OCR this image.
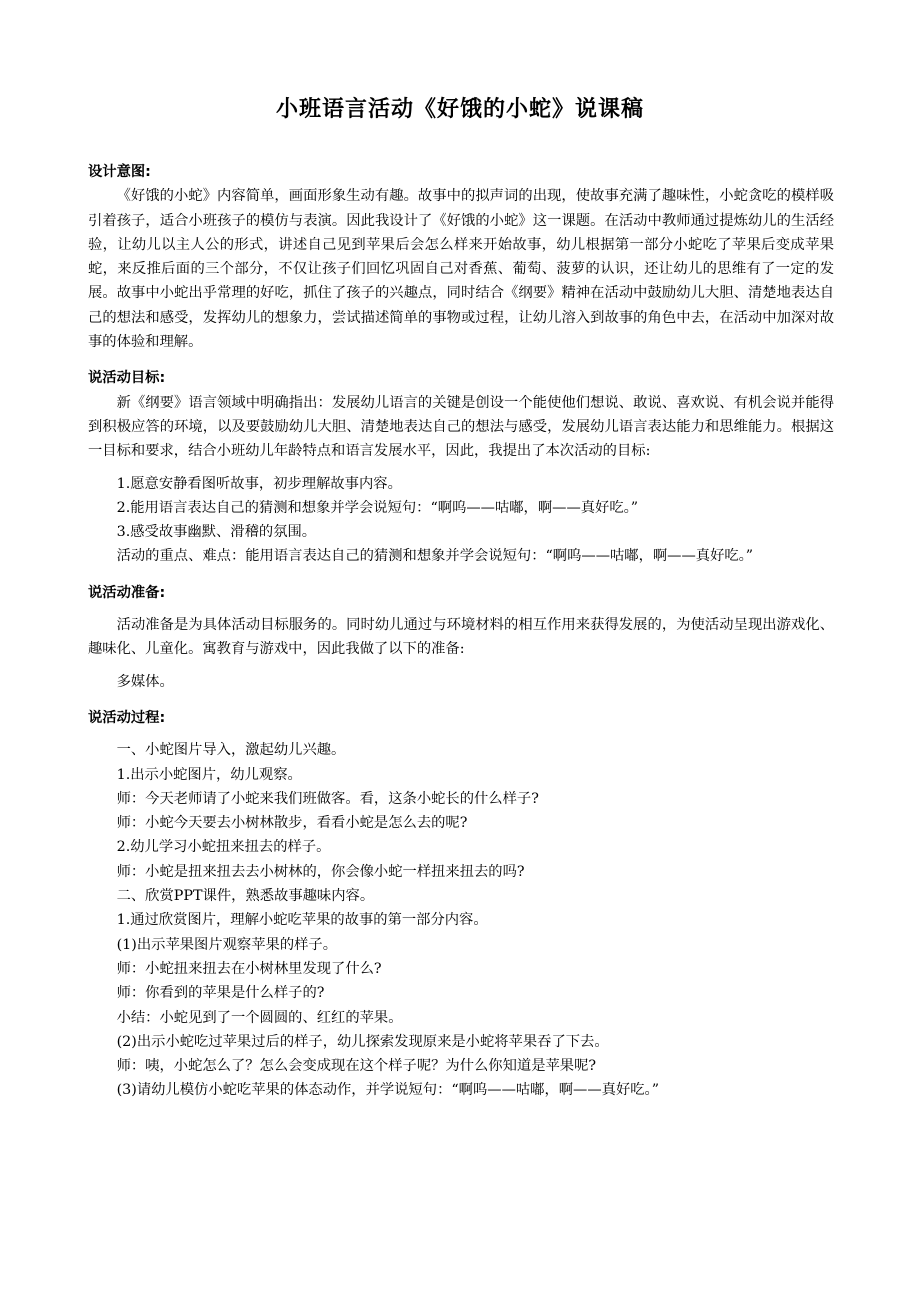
小班语言活动《好饿的小蛇》说课稿

设计意图:

《好饿的小蛇》内容简单，画面形象生动有趣。故事中的拟声词的出现，使故事充满了趣味性，小蛇贪吃的模样吸引着孩子，适合小班孩子的模仿与表演。因此我设计了《好饿的小蛇》这一课题。在活动中教师通过提炼幼儿的生活经验，让幼儿以主人公的形式，讲述自己见到苹果后会怎么样来开始故事，幼儿根据第一部分小蛇吃了苹果后变成苹果蛇，来反推后面的三个部分，不仅让孩子们回忆巩固自己对香蕉、葡萄、菠萝的认识，还让幼儿的思维有了一定的发展。故事中小蛇出乎常理的好吃，抓住了孩子的兴趣点，同时结合《纲要》精神在活动中鼓励幼儿大胆、清楚地表达自己的想法和感受，发挥幼儿的想象力，尝试描述简单的事物或过程，让幼儿溶入到故事的角色中去，在活动中加深对故事的体验和理解。

说活动目标:

新《纲要》语言领域中明确指出：发展幼儿语言的关键是创设一个能使他们想说、敢说、喜欢说、有机会说并能得到积极应答的环境，以及要鼓励幼儿大胆、清楚地表达自己的想法与感受，发展幼儿语言表达能力和思维能力。根据这一目标和要求，结合小班幼儿年龄特点和语言发展水平，因此，我提出了本次活动的目标:

1.愿意安静看图听故事，初步理解故事内容。

2.能用语言表达自己的猜测和想象并学会说短句：“啊呜——咕嘟，啊——真好吃。”

3.感受故事幽默、滑稽的氛围。

活动的重点、难点：能用语言表达自己的猜测和想象并学会说短句：“啊呜——咕嘟，啊——真好吃。”

说活动准备:

活动准备是为具体活动目标服务的。同时幼儿通过与环境材料的相互作用来获得发展的，为使活动呈现出游戏化、趣味化、儿童化。寓教育与游戏中，因此我做了以下的准备:

多媒体。

说活动过程:

一、小蛇图片导入，激起幼儿兴趣。

1.出示小蛇图片，幼儿观察。

师：今天老师请了小蛇来我们班做客。看，这条小蛇长的什么样子?

师：小蛇今天要去小树林散步，看看小蛇是怎么去的呢?

2.幼儿学习小蛇扭来扭去的样子。

师：小蛇是扭来扭去去小树林的，你会像小蛇一样扭来扭去的吗?

二、欣赏PPT课件，熟悉故事趣味内容。

1.通过欣赏图片，理解小蛇吃苹果的故事的第一部分内容。

(1)出示苹果图片观察苹果的样子。

师：小蛇扭来扭去在小树林里发现了什么?

师：你看到的苹果是什么样子的?

小结：小蛇见到了一个圆圆的、红红的苹果。

(2)出示小蛇吃过苹果过后的样子，幼儿探索发现原来是小蛇将苹果吞了下去。

师：咦，小蛇怎么了？怎么会变成现在这个样子呢？为什么你知道是苹果呢?

(3)请幼儿模仿小蛇吃苹果的体态动作，并学说短句：“啊呜——咕嘟，啊——真好吃。”
